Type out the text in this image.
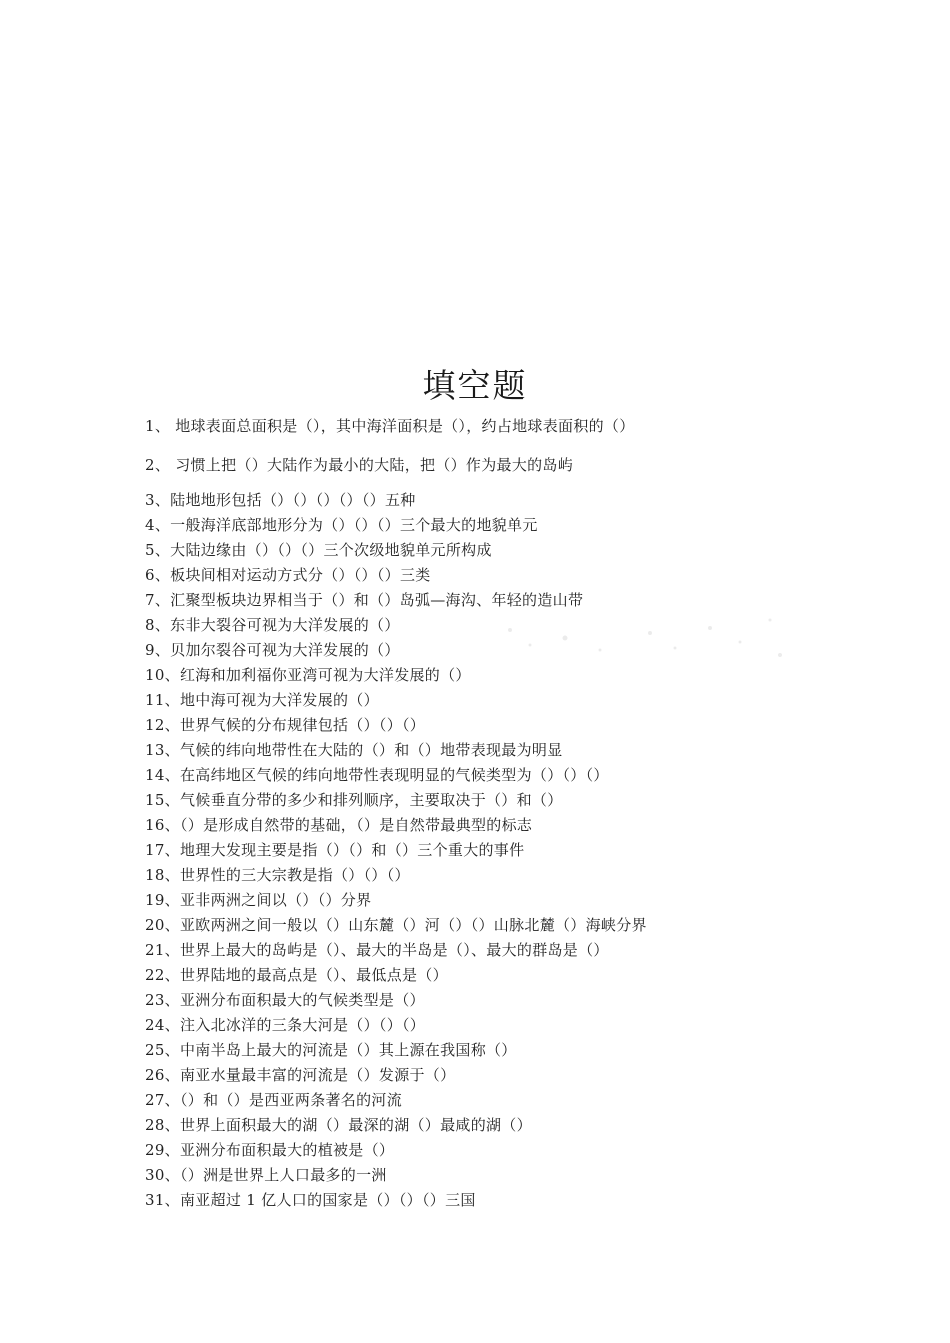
填空题
1、 地球表面总面积是（），其中海洋面积是（），约占地球表面积的（）
2、 习惯上把（）大陆作为最小的大陆，把（）作为最大的岛屿
3、陆地地形包括（）（）（）（）（）五种
4、一般海洋底部地形分为（）（）（）三个最大的地貌单元
5、大陆边缘由（）（）（）三个次级地貌单元所构成
6、板块间相对运动方式分（）（）（）三类
7、汇聚型板块边界相当于（）和（）岛弧—海沟、年轻的造山带
8、东非大裂谷可视为大洋发展的（）
9、贝加尔裂谷可视为大洋发展的（）
10、红海和加利福你亚湾可视为大洋发展的（）
11、地中海可视为大洋发展的（）
12、世界气候的分布规律包括（）（）（）
13、气候的纬向地带性在大陆的（）和（）地带表现最为明显
14、在高纬地区气候的纬向地带性表现明显的气候类型为（）（）（）
15、气候垂直分带的多少和排列顺序，主要取决于（）和（）
16、（）是形成自然带的基础，（）是自然带最典型的标志
17、地理大发现主要是指（）（）和（）三个重大的事件
18、世界性的三大宗教是指（）（）（）
19、亚非两洲之间以（）（）分界
20、亚欧两洲之间一般以（）山东麓（）河（）（）山脉北麓（）海峡分界
21、世界上最大的岛屿是（）、最大的半岛是（）、最大的群岛是（）
22、世界陆地的最高点是（）、最低点是（）
23、亚洲分布面积最大的气候类型是（）
24、注入北冰洋的三条大河是（）（）（）
25、中南半岛上最大的河流是（）其上源在我国称（）
26、南亚水量最丰富的河流是（）发源于（）
27、（）和（）是西亚两条著名的河流
28、世界上面积最大的湖（）最深的湖（）最咸的湖（）
29、亚洲分布面积最大的植被是（）
30、（）洲是世界上人口最多的一洲
31、南亚超过 1 亿人口的国家是（）（）（）三国
